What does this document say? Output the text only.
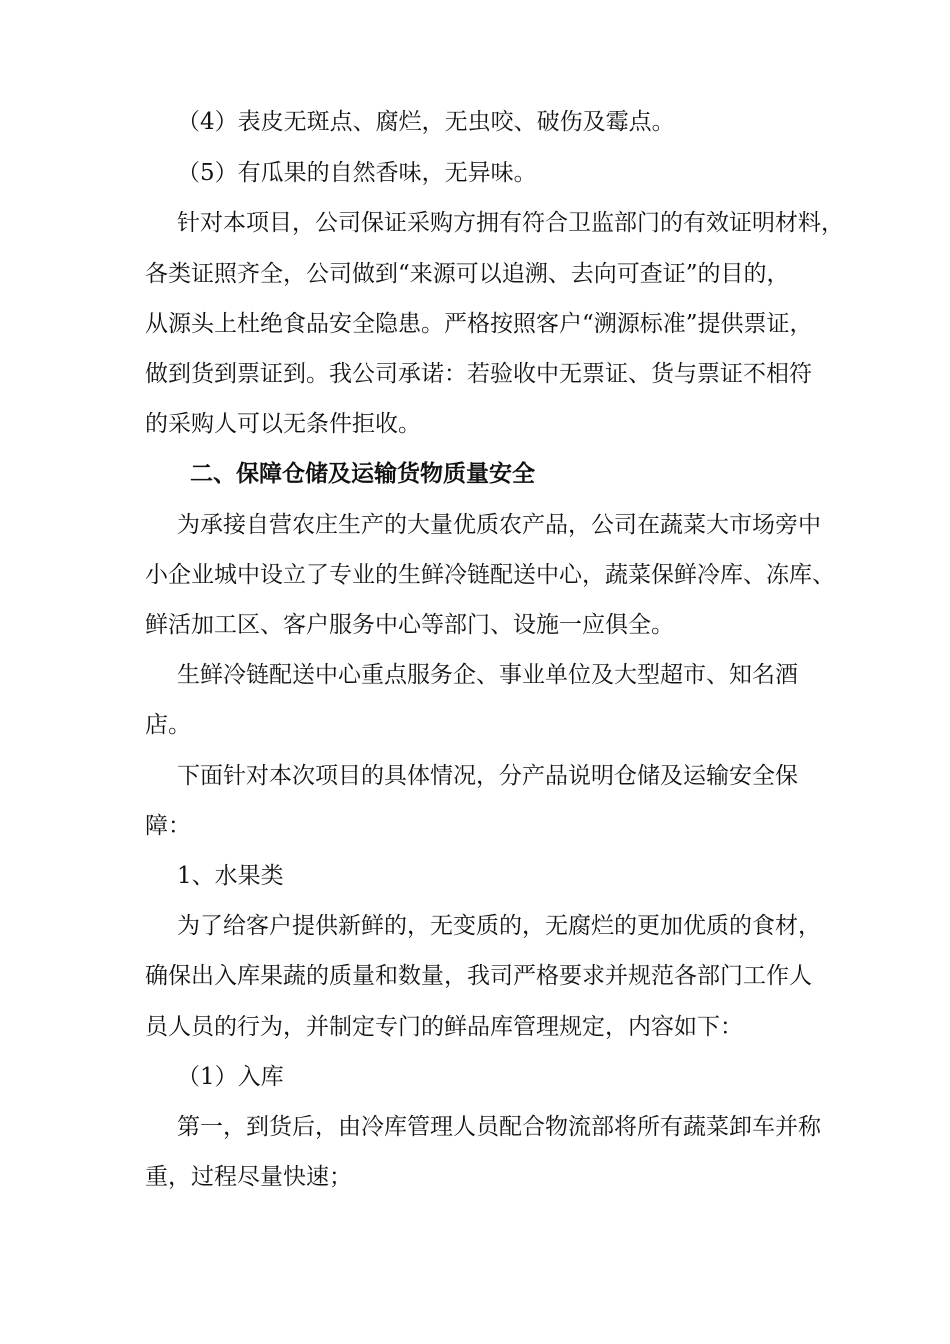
（4）表皮无斑点、腐烂，无虫咬、破伤及霉点。
（5）有瓜果的自然香味，无异味。
针对本项目，公司保证采购方拥有符合卫监部门的有效证明材料，
各类证照齐全，公司做到“来源可以追溯、去向可查证”的目的，
从源头上杜绝食品安全隐患。严格按照客户“溯源标准”提供票证，
做到货到票证到。我公司承诺：若验收中无票证、货与票证不相符
的采购人可以无条件拒收。
二、保障仓储及运输货物质量安全
为承接自营农庄生产的大量优质农产品，公司在蔬菜大市场旁中
小企业城中设立了专业的生鲜冷链配送中心，蔬菜保鲜冷库、冻库、
鲜活加工区、客户服务中心等部门、设施一应俱全。
生鲜冷链配送中心重点服务企、事业单位及大型超市、知名酒
店。
下面针对本次项目的具体情况，分产品说明仓储及运输安全保
障：
1、水果类
为了给客户提供新鲜的，无变质的，无腐烂的更加优质的食材，
确保出入库果蔬的质量和数量，我司严格要求并规范各部门工作人
员人员的行为，并制定专门的鲜品库管理规定，内容如下：
（1）入库
第一，到货后，由冷库管理人员配合物流部将所有蔬菜卸车并称
重，过程尽量快速；
